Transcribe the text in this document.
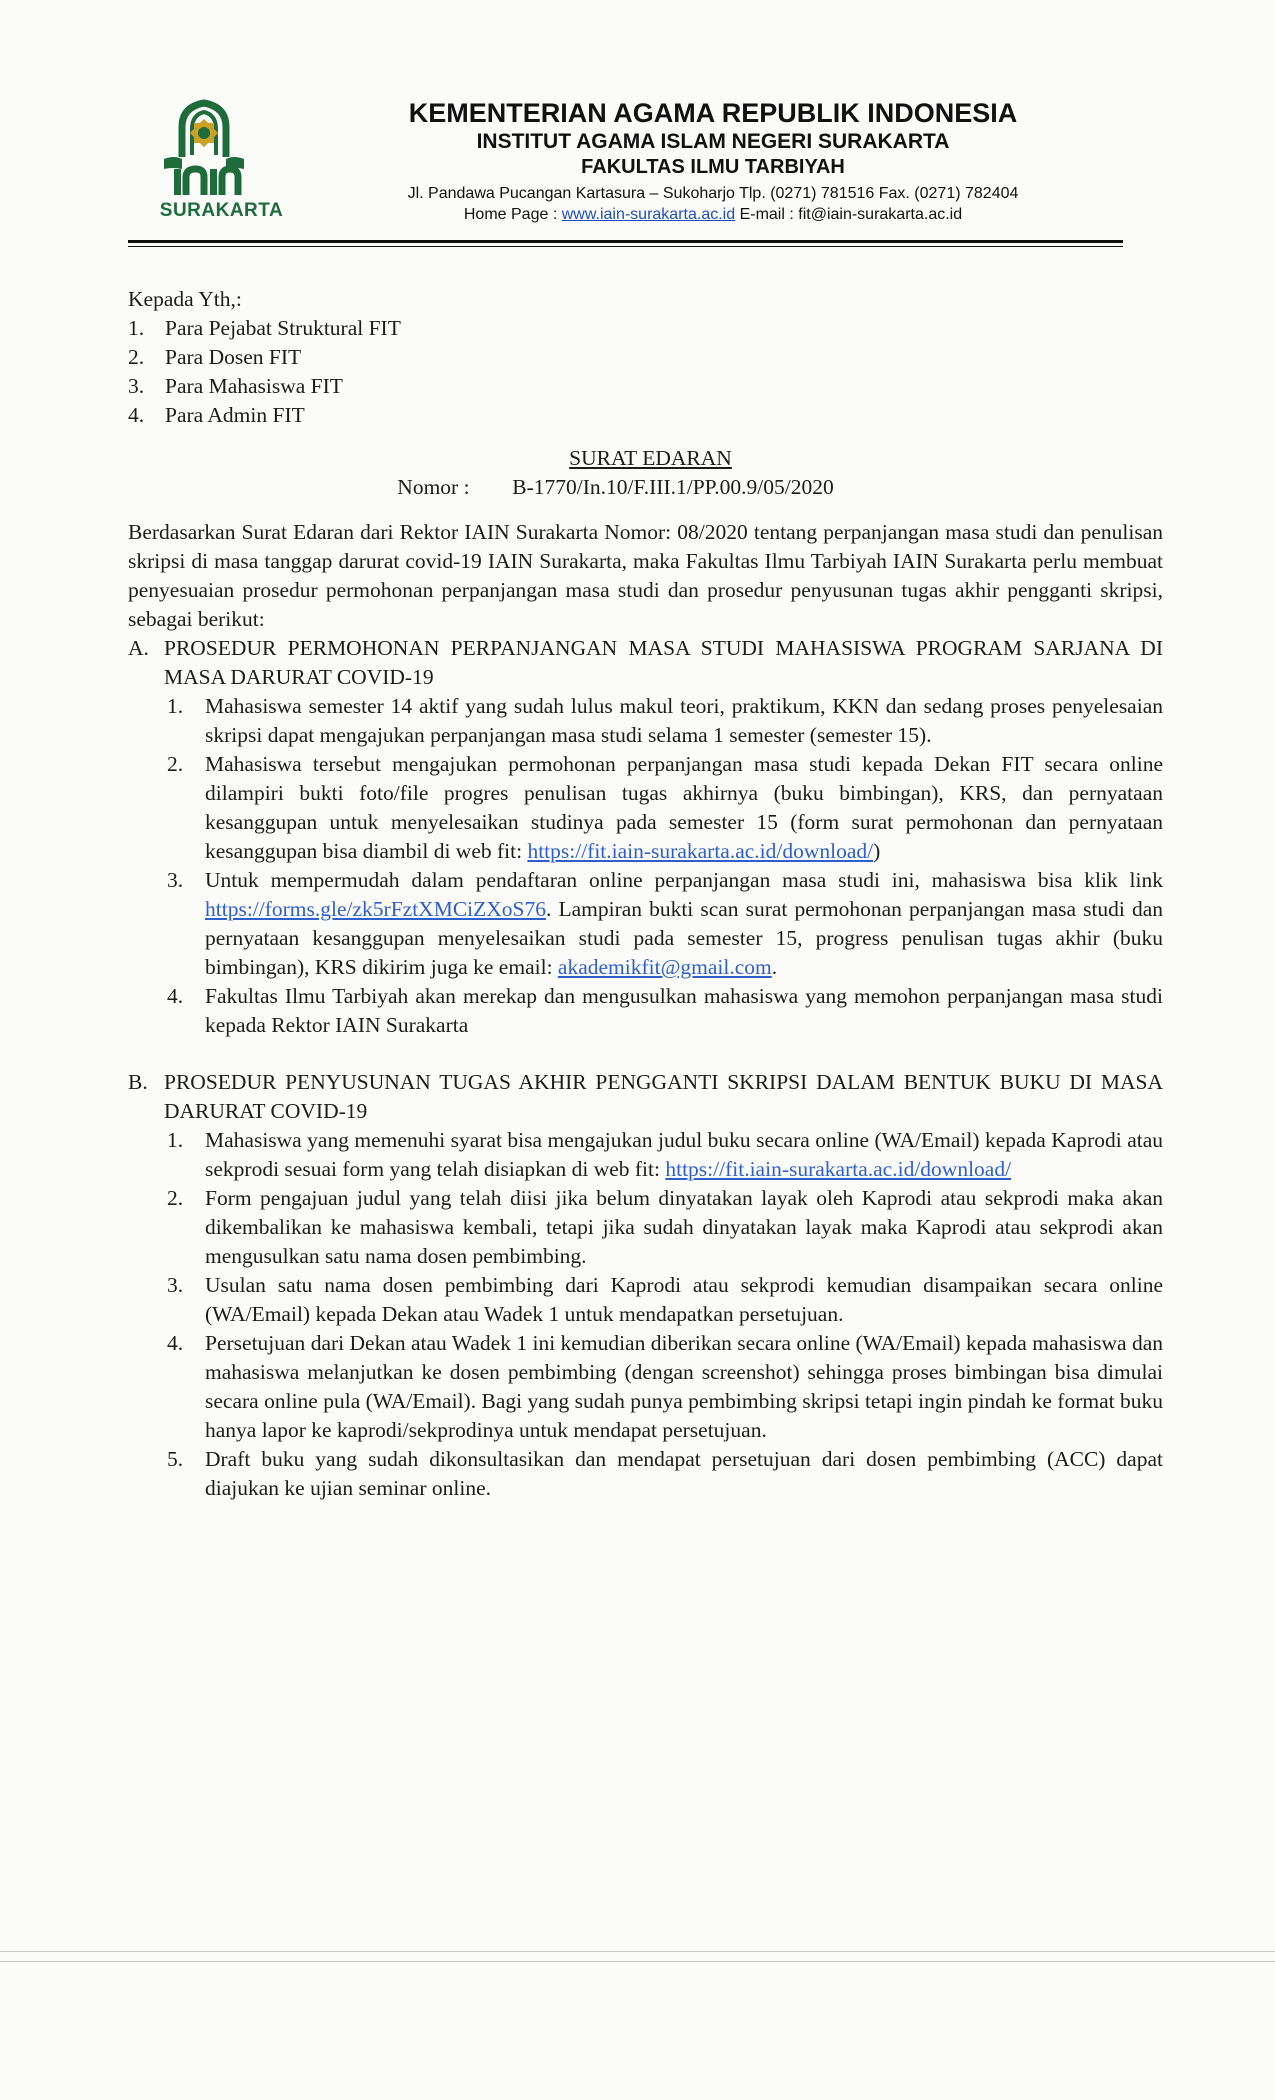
SURAKARTA
KEMENTERIAN AGAMA REPUBLIK INDONESIA
INSTITUT AGAMA ISLAM NEGERI SURAKARTA
FAKULTAS ILMU TARBIYAH
Jl. Pandawa Pucangan Kartasura – Sukoharjo Tlp. (0271) 781516 Fax. (0271) 782404
Home Page : www.iain-surakarta.ac.id E-mail : fit@iain-surakarta.ac.id
Kepada Yth,:
1. Para Pejabat Struktural FIT
2. Para Dosen FIT
3. Para Mahasiswa FIT
4. Para Admin FIT
SURAT EDARAN
Nomor :	B-1770/In.10/F.III.1/PP.00.9/05/2020
Berdasarkan Surat Edaran dari Rektor IAIN Surakarta Nomor: 08/2020 tentang perpanjangan masa studi dan penulisan skripsi di masa tanggap darurat covid-19 IAIN Surakarta, maka Fakultas Ilmu Tarbiyah IAIN Surakarta perlu membuat penyesuaian prosedur permohonan perpanjangan masa studi dan prosedur penyusunan tugas akhir pengganti skripsi, sebagai berikut:
A. PROSEDUR PERMOHONAN PERPANJANGAN MASA STUDI MAHASISWA PROGRAM SARJANA DI MASA DARURAT COVID-19
1.	Mahasiswa semester 14 aktif yang sudah lulus makul teori, praktikum, KKN dan sedang proses penyelesaian skripsi dapat mengajukan perpanjangan masa studi selama 1 semester (semester 15).
2.	Mahasiswa tersebut mengajukan permohonan perpanjangan masa studi kepada Dekan FIT secara online dilampiri bukti foto/file progres penulisan tugas akhirnya (buku bimbingan), KRS, dan pernyataan kesanggupan untuk menyelesaikan studinya pada semester 15 (form surat permohonan dan pernyataan kesanggupan bisa diambil di web fit: https://fit.iain-surakarta.ac.id/download/)
3.	Untuk mempermudah dalam pendaftaran online perpanjangan masa studi ini, mahasiswa bisa klik link https://forms.gle/zk5rFztXMCiZXoS76. Lampiran bukti scan surat permohonan perpanjangan masa studi dan pernyataan kesanggupan menyelesaikan studi pada semester 15, progress penulisan tugas akhir (buku bimbingan), KRS dikirim juga ke email: akademikfit@gmail.com.
4.	Fakultas Ilmu Tarbiyah akan merekap dan mengusulkan mahasiswa yang memohon perpanjangan masa studi kepada Rektor IAIN Surakarta
B. PROSEDUR PENYUSUNAN TUGAS AKHIR PENGGANTI SKRIPSI DALAM BENTUK BUKU DI MASA DARURAT COVID-19
1.	Mahasiswa yang memenuhi syarat bisa mengajukan judul buku secara online (WA/Email) kepada Kaprodi atau sekprodi sesuai form yang telah disiapkan di web fit: https://fit.iain-surakarta.ac.id/download/
2.	Form pengajuan judul yang telah diisi jika belum dinyatakan layak oleh Kaprodi atau sekprodi maka akan dikembalikan ke mahasiswa kembali, tetapi jika sudah dinyatakan layak maka Kaprodi atau sekprodi akan mengusulkan satu nama dosen pembimbing.
3.	Usulan satu nama dosen pembimbing dari Kaprodi atau sekprodi kemudian disampaikan secara online (WA/Email) kepada Dekan atau Wadek 1 untuk mendapatkan persetujuan.
4.	Persetujuan dari Dekan atau Wadek 1 ini kemudian diberikan secara online (WA/Email) kepada mahasiswa dan mahasiswa melanjutkan ke dosen pembimbing (dengan screenshot) sehingga proses bimbingan bisa dimulai secara online pula (WA/Email). Bagi yang sudah punya pembimbing skripsi tetapi ingin pindah ke format buku hanya lapor ke kaprodi/sekprodinya untuk mendapat persetujuan.
5.	Draft buku yang sudah dikonsultasikan dan mendapat persetujuan dari dosen pembimbing (ACC) dapat diajukan ke ujian seminar online.
